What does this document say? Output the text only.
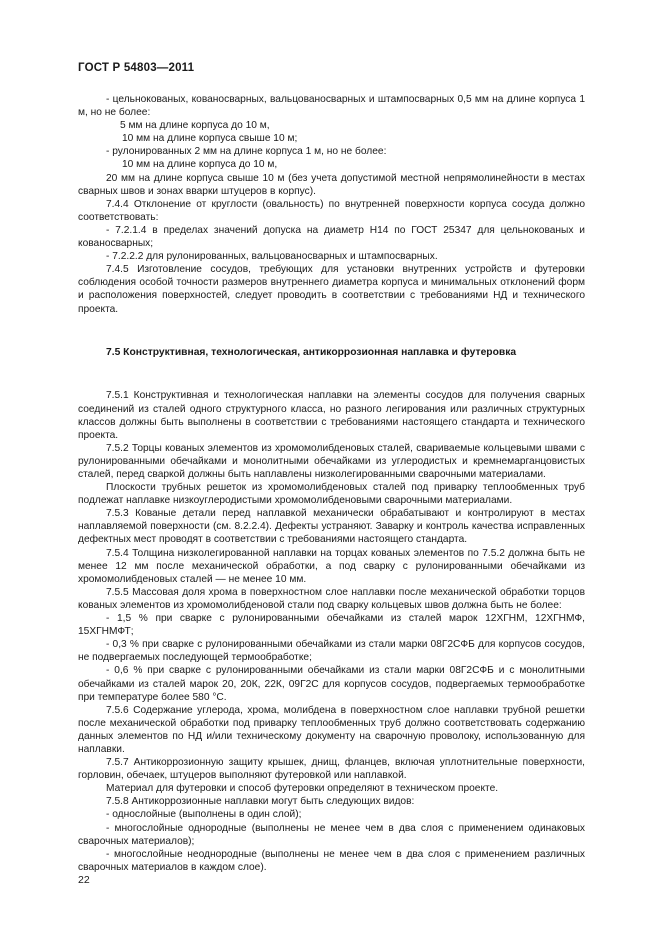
ГОСТ Р 54803—2011

- цельнокованых, кованосварных, вальцованосварных и штампосварных 0,5 мм на длине корпуса 1 м, но не более:

5 мм на длине корпуса до 10 м,

10 мм на длине корпуса свыше 10 м;

- рулонированных 2 мм на длине корпуса 1 м, но не более:

10 мм на длине корпуса до 10 м,

20 мм на длине корпуса свыше 10 м (без учета допустимой местной непрямолинейности в местах сварных швов и зонах вварки штуцеров в корпус).

7.4.4 Отклонение от круглости (овальность) по внутренней поверхности корпуса сосуда должно соответствовать:

- 7.2.1.4 в пределах значений допуска на диаметр H14 по ГОСТ 25347 для цельнокованых и кованосварных;

- 7.2.2.2 для рулонированных, вальцованосварных и штампосварных.

7.4.5 Изготовление сосудов, требующих для установки внутренних устройств и футеровки соблюдения особой точности размеров внутреннего диаметра корпуса и минимальных отклонений форм и расположения поверхностей, следует проводить в соответствии с требованиями НД и технического проекта.

7.5 Конструктивная, технологическая, антикоррозионная наплавка и футеровка

7.5.1 Конструктивная и технологическая наплавки на элементы сосудов для получения сварных соединений из сталей одного структурного класса, но разного легирования или различных структурных классов должны быть выполнены в соответствии с требованиями настоящего стандарта и технического проекта.

7.5.2 Торцы кованых элементов из хромомолибденовых сталей, свариваемые кольцевыми швами с рулонированными обечайками и монолитными обечайками из углеродистых и кремнемарганцовистых сталей, перед сваркой должны быть наплавлены низколегированными сварочными материалами.

Плоскости трубных решеток из хромомолибденовых сталей под приварку теплообменных труб подлежат наплавке низкоуглеродистыми хромомолибденовыми сварочными материалами.

7.5.3 Кованые детали перед наплавкой механически обрабатывают и контролируют в местах наплавляемой поверхности (см. 8.2.2.4). Дефекты устраняют. Заварку и контроль качества исправленных дефектных мест проводят в соответствии с требованиями настоящего стандарта.

7.5.4 Толщина низколегированной наплавки на торцах кованых элементов по 7.5.2 должна быть не менее 12 мм после механической обработки, а под сварку с рулонированными обечайками из хромомолибденовых сталей — не менее 10 мм.

7.5.5 Массовая доля хрома в поверхностном слое наплавки после механической обработки торцов кованых элементов из хромомолибденовой стали под сварку кольцевых швов должна быть не более:

- 1,5 % при сварке с рулонированными обечайками из сталей марок 12ХГНМ, 12ХГНМФ, 15ХГНМФТ;

- 0,3 % при сварке с рулонированными обечайками из стали марки 08Г2СФБ для корпусов сосудов, не подвергаемых последующей термообработке;

- 0,6 % при сварке с рулонированными обечайками из стали марки 08Г2СФБ и с монолитными обечайками из сталей марок 20, 20К, 22К, 09Г2С для корпусов сосудов, подвергаемых термообработке при температуре более 580 °С.

7.5.6 Содержание углерода, хрома, молибдена в поверхностном слое наплавки трубной решетки после механической обработки под приварку теплообменных труб должно соответствовать содержанию данных элементов по НД и/или техническому документу на сварочную проволоку, использованную для наплавки.

7.5.7 Антикоррозионную защиту крышек, днищ, фланцев, включая уплотнительные поверхности, горловин, обечаек, штуцеров выполняют футеровкой или наплавкой.

Материал для футеровки и способ футеровки определяют в техническом проекте.

7.5.8 Антикоррозионные наплавки могут быть следующих видов:

- однослойные (выполнены в один слой);

- многослойные однородные (выполнены не менее чем в два слоя с применением одинаковых сварочных материалов);

- многослойные неоднородные (выполнены не менее чем в два слоя с применением различных сварочных материалов в каждом слое).

22
